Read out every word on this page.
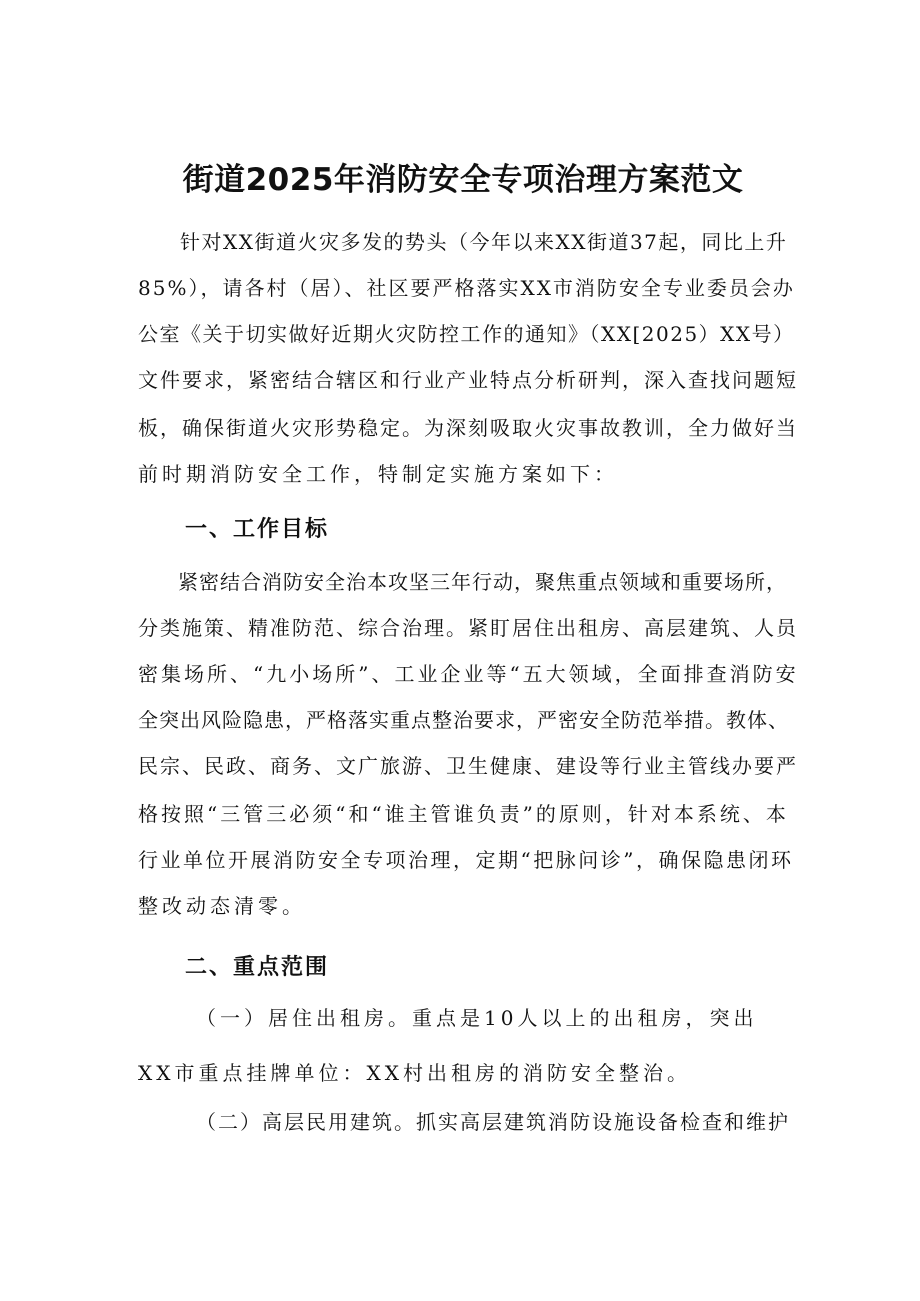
街道2025年消防安全专项治理方案范文

针对XX街道火灾多发的势头（今年以来XX街道37起，同比上升

85%），请各村（居）、社区要严格落实XX市消防安全专业委员会办

公室《关于切实做好近期火灾防控工作的通知》（XX[2025）XX号）

文件要求，紧密结合辖区和行业产业特点分析研判，深入查找问题短

板，确保街道火灾形势稳定。为深刻吸取火灾事故教训，全力做好当

前时期消防安全工作，特制定实施方案如下：

一、工作目标

紧密结合消防安全治本攻坚三年行动，聚焦重点领域和重要场所，

分类施策、精准防范、综合治理。紧盯居住出租房、高层建筑、人员

密集场所、“九小场所”、工业企业等“五大领域，全面排查消防安

全突出风险隐患，严格落实重点整治要求，严密安全防范举措。教体、

民宗、民政、商务、文广旅游、卫生健康、建设等行业主管线办要严

格按照“三管三必须“和“谁主管谁负责”的原则，针对本系统、本

行业单位开展消防安全专项治理，定期“把脉问诊”，确保隐患闭环

整改动态清零。

二、重点范围

（一）居住出租房。重点是10人以上的出租房，突出

XX市重点挂牌单位：XX村出租房的消防安全整治。

（二）高层民用建筑。抓实高层建筑消防设施设备检查和维护
